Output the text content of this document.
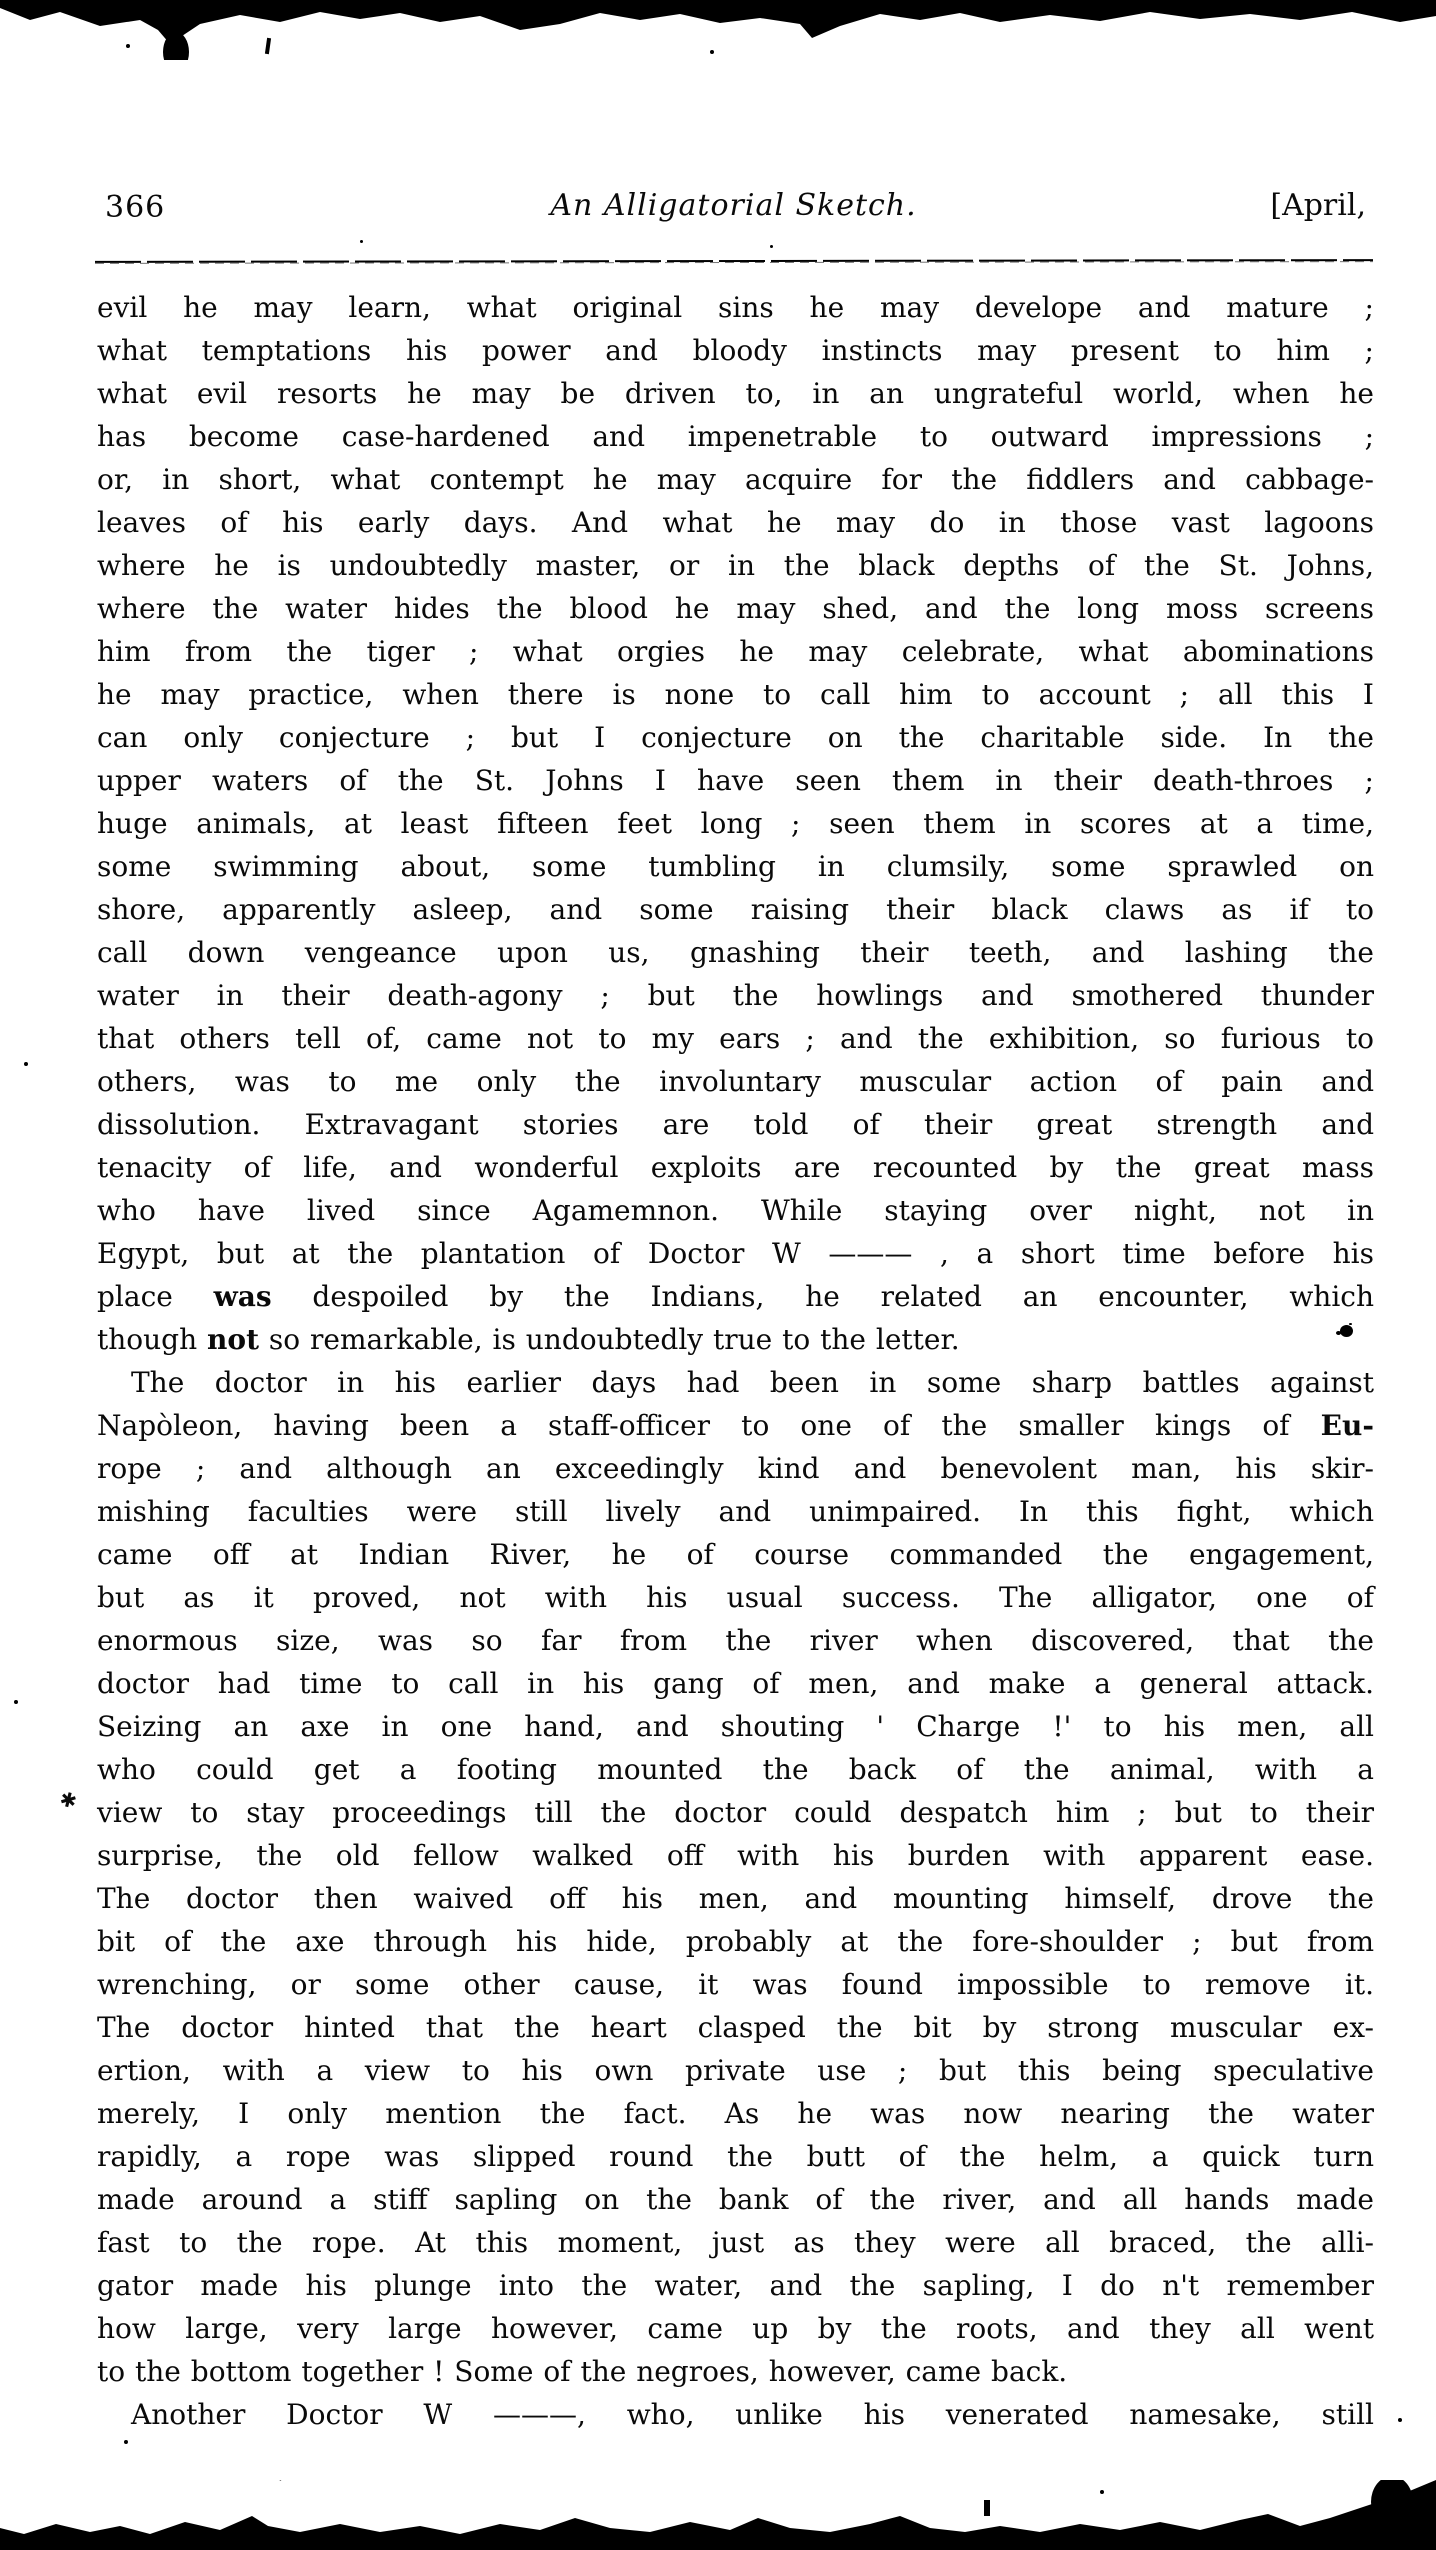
366	An Alligatorial Sketch.	[April,
evil he may learn, what original sins he may develope and mature ;
what temptations his power and bloody instincts may present to him ;
what evil resorts he may be driven to, in an ungrateful world, when he
has become case-hardened and impenetrable to outward impressions ;
or, in short, what contempt he may acquire for the fiddlers and cabbage-
leaves of his early days. And what he may do in those vast lagoons
where he is undoubtedly master, or in the black depths of the St. Johns,
where the water hides the blood he may shed, and the long moss screens
him from the tiger ; what orgies he may celebrate, what abominations
he may practice, when there is none to call him to account ; all this I
can only conjecture ; but I conjecture on the charitable side. In the
upper waters of the St. Johns I have seen them in their death-throes ;
huge animals, at least fifteen feet long ; seen them in scores at a time,
some swimming about, some tumbling in clumsily, some sprawled on
shore, apparently asleep, and some raising their black claws as if to
call down vengeance upon us, gnashing their teeth, and lashing the
water in their death-agony ; but the howlings and smothered thunder
that others tell of, came not to my ears ; and the exhibition, so furious to
others, was to me only the involuntary muscular action of pain and
dissolution. Extravagant stories are told of their great strength and
tenacity of life, and wonderful exploits are recounted by the great mass
who have lived since Agamemnon. While staying over night, not in
Egypt, but at the plantation of Doctor W ——— , a short time before his
place was despoiled by the Indians, he related an encounter, which
though not so remarkable, is undoubtedly true to the letter.
The doctor in his earlier days had been in some sharp battles against
Napòleon, having been a staff-officer to one of the smaller kings of Eu-
rope ; and although an exceedingly kind and benevolent man, his skir-
mishing faculties were still lively and unimpaired. In this fight, which
came off at Indian River, he of course commanded the engagement,
but as it proved, not with his usual success. The alligator, one of
enormous size, was so far from the river when discovered, that the
doctor had time to call in his gang of men, and make a general attack.
Seizing an axe in one hand, and shouting ' Charge !' to his men, all
who could get a footing mounted the back of the animal, with a
view to stay proceedings till the doctor could despatch him ; but to their
surprise, the old fellow walked off with his burden with apparent ease.
The doctor then waived off his men, and mounting himself, drove the
bit of the axe through his hide, probably at the fore-shoulder ; but from
wrenching, or some other cause, it was found impossible to remove it.
The doctor hinted that the heart clasped the bit by strong muscular ex-
ertion, with a view to his own private use ; but this being speculative
merely, I only mention the fact. As he was now nearing the water
rapidly, a rope was slipped round the butt of the helm, a quick turn
made around a stiff sapling on the bank of the river, and all hands made
fast to the rope. At this moment, just as they were all braced, the alli-
gator made his plunge into the water, and the sapling, I do n't remember
how large, very large however, came up by the roots, and they all went
to the bottom together ! Some of the negroes, however, came back.
Another Doctor W ———, who, unlike his venerated namesake, still
✱
